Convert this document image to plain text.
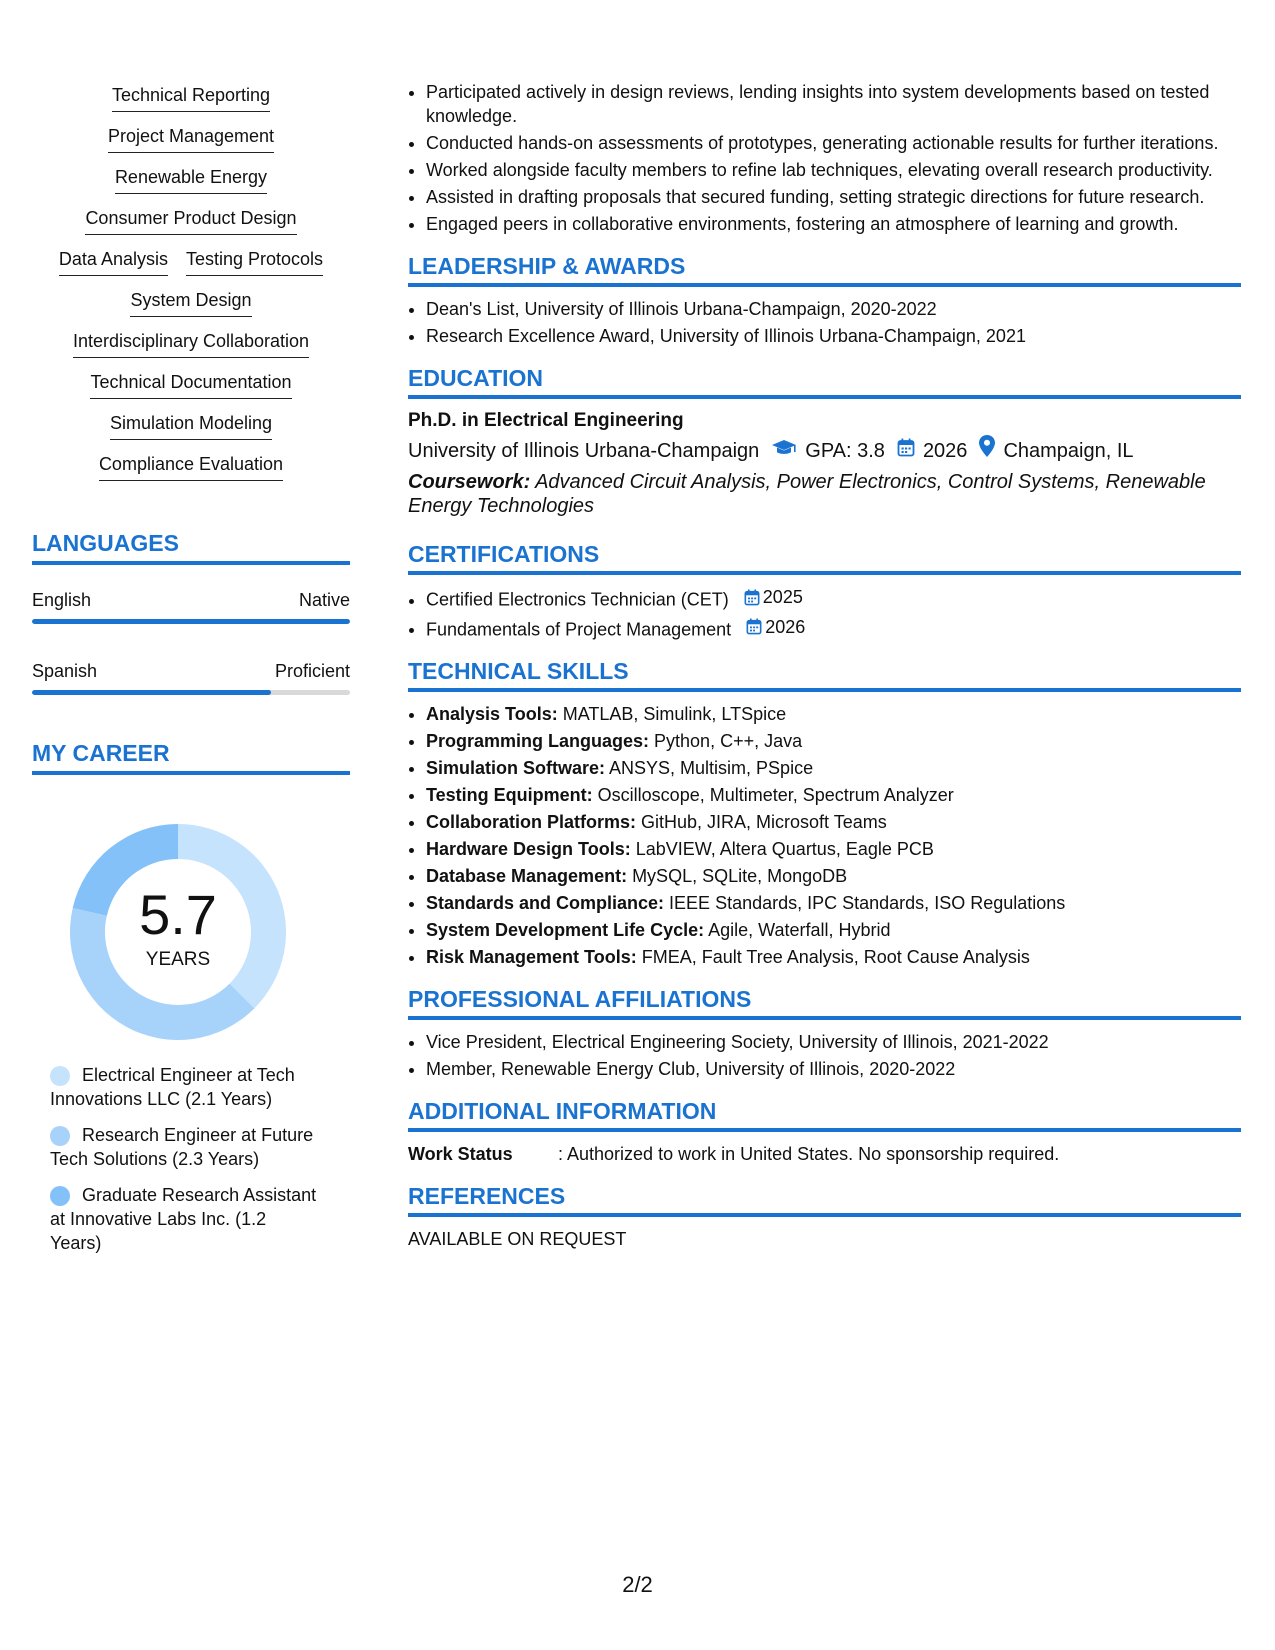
Technical Reporting
Project Management
Renewable Energy
Consumer Product Design
Data Analysis Testing Protocols
System Design
Interdisciplinary Collaboration
Technical Documentation
Simulation Modeling
Compliance Evaluation
LANGUAGES
English	Native
Spanish	Proficient
MY CAREER
5.7
YEARS
Electrical Engineer at Tech Innovations LLC (2.1 Years)
Research Engineer at Future Tech Solutions (2.3 Years)
Graduate Research Assistant at Innovative Labs Inc. (1.2 Years)
• Participated actively in design reviews, lending insights into system developments based on tested knowledge.
• Conducted hands-on assessments of prototypes, generating actionable results for further iterations.
• Worked alongside faculty members to refine lab techniques, elevating overall research productivity.
• Assisted in drafting proposals that secured funding, setting strategic directions for future research.
• Engaged peers in collaborative environments, fostering an atmosphere of learning and growth.
LEADERSHIP & AWARDS
• Dean's List, University of Illinois Urbana-Champaign, 2020-2022
• Research Excellence Award, University of Illinois Urbana-Champaign, 2021
EDUCATION
Ph.D. in Electrical Engineering
University of Illinois Urbana-Champaign GPA: 3.8 2026 Champaign, IL
Coursework: Advanced Circuit Analysis, Power Electronics, Control Systems, Renewable Energy Technologies
CERTIFICATIONS
• Certified Electronics Technician (CET) 2025
• Fundamentals of Project Management 2026
TECHNICAL SKILLS
• Analysis Tools: MATLAB, Simulink, LTSpice
• Programming Languages: Python, C++, Java
• Simulation Software: ANSYS, Multisim, PSpice
• Testing Equipment: Oscilloscope, Multimeter, Spectrum Analyzer
• Collaboration Platforms: GitHub, JIRA, Microsoft Teams
• Hardware Design Tools: LabVIEW, Altera Quartus, Eagle PCB
• Database Management: MySQL, SQLite, MongoDB
• Standards and Compliance: IEEE Standards, IPC Standards, ISO Regulations
• System Development Life Cycle: Agile, Waterfall, Hybrid
• Risk Management Tools: FMEA, Fault Tree Analysis, Root Cause Analysis
PROFESSIONAL AFFILIATIONS
• Vice President, Electrical Engineering Society, University of Illinois, 2021-2022
• Member, Renewable Energy Club, University of Illinois, 2020-2022
ADDITIONAL INFORMATION
Work Status	: Authorized to work in United States. No sponsorship required.
REFERENCES
AVAILABLE ON REQUEST
2/2
